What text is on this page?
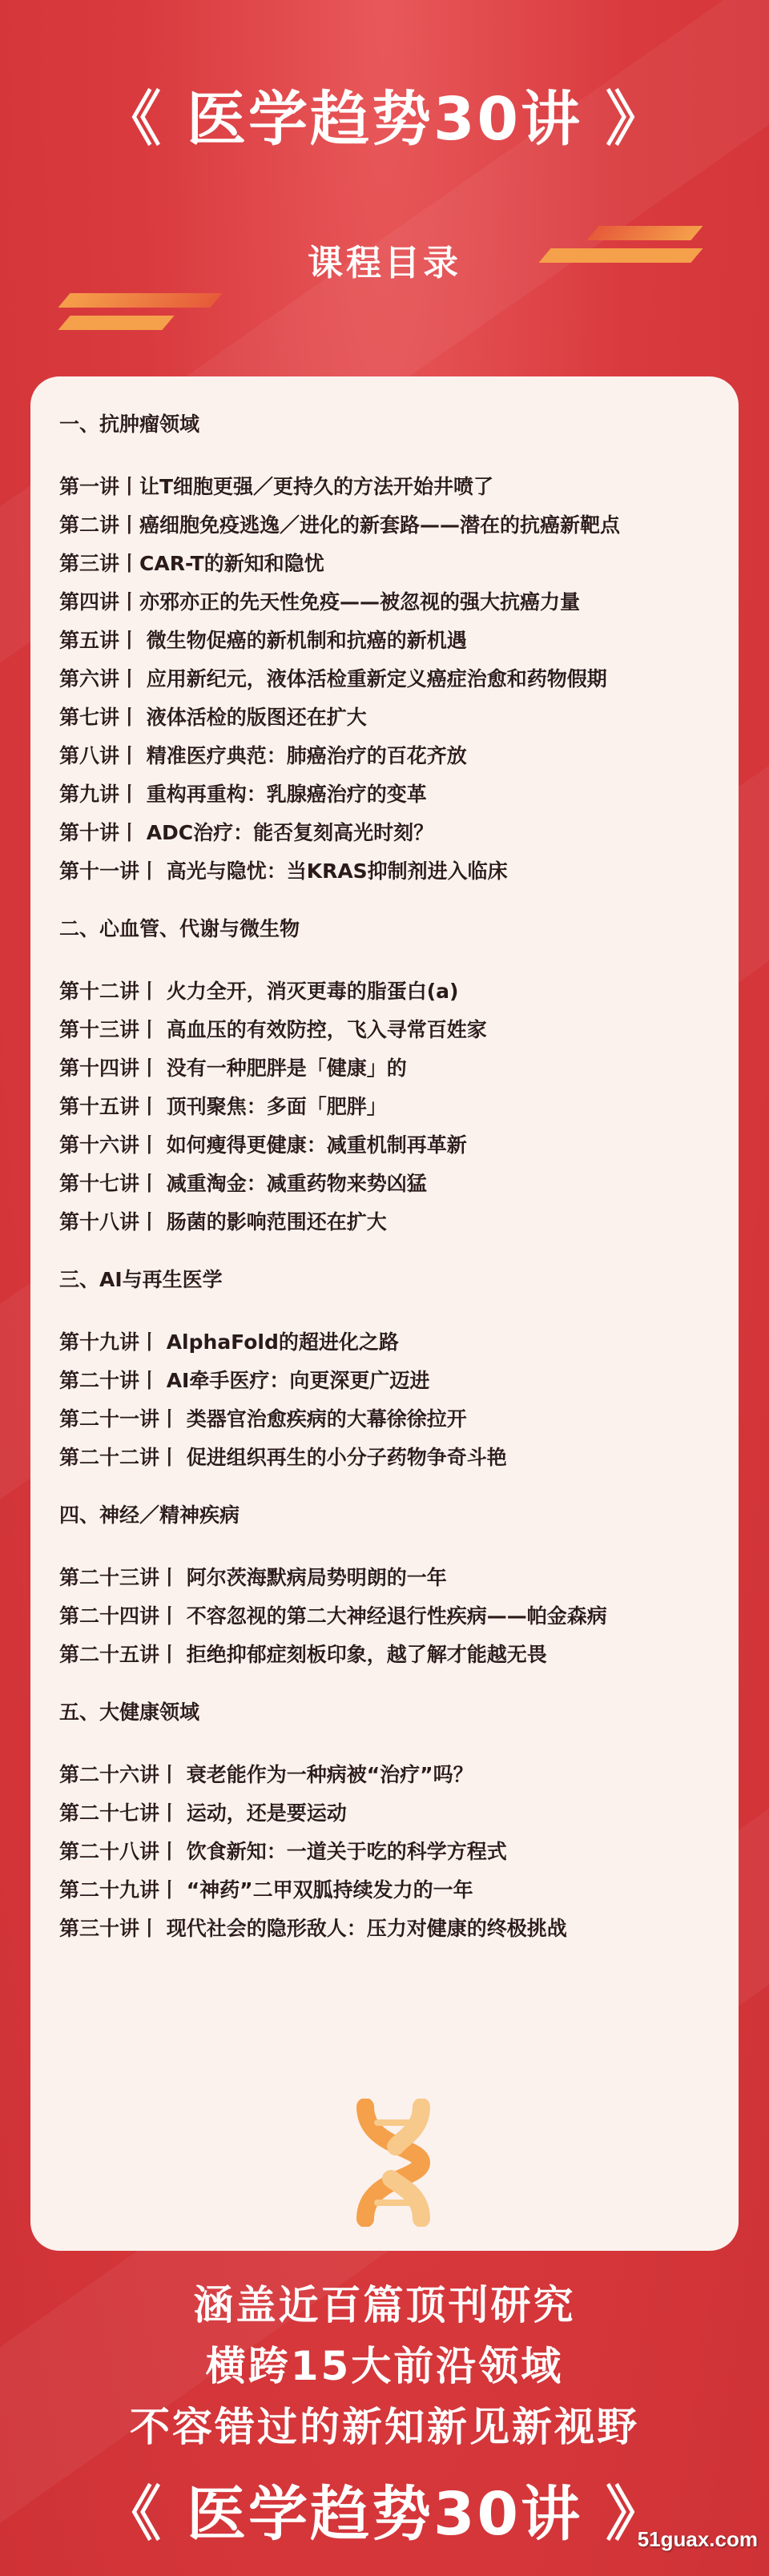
《 医学趋势30讲 》
课程目录
一、抗肿瘤领域
第一讲丨让T细胞更强／更持久的方法开始井喷了
第二讲丨癌细胞免疫逃逸／进化的新套路——潜在的抗癌新靶点
第三讲丨CAR-T的新知和隐忧
第四讲丨亦邪亦正的先天性免疫——被忽视的强大抗癌力量
第五讲丨 微生物促癌的新机制和抗癌的新机遇
第六讲丨 应用新纪元，液体活检重新定义癌症治愈和药物假期
第七讲丨 液体活检的版图还在扩大
第八讲丨 精准医疗典范：肺癌治疗的百花齐放
第九讲丨 重构再重构：乳腺癌治疗的变革
第十讲丨 ADC治疗：能否复刻高光时刻？
第十一讲丨 高光与隐忧：当KRAS抑制剂进入临床
二、心血管、代谢与微生物
第十二讲丨 火力全开，消灭更毒的脂蛋白(a)
第十三讲丨 高血压的有效防控，飞入寻常百姓家
第十四讲丨 没有一种肥胖是「健康」的
第十五讲丨 顶刊聚焦：多面「肥胖」
第十六讲丨 如何瘦得更健康：减重机制再革新
第十七讲丨 减重淘金：减重药物来势凶猛
第十八讲丨 肠菌的影响范围还在扩大
三、AI与再生医学
第十九讲丨 AlphaFold的超进化之路
第二十讲丨 AI牵手医疗：向更深更广迈进
第二十一讲丨 类器官治愈疾病的大幕徐徐拉开
第二十二讲丨 促进组织再生的小分子药物争奇斗艳
四、神经／精神疾病
第二十三讲丨 阿尔茨海默病局势明朗的一年
第二十四讲丨 不容忽视的第二大神经退行性疾病——帕金森病
第二十五讲丨 拒绝抑郁症刻板印象，越了解才能越无畏
五、大健康领域
第二十六讲丨 衰老能作为一种病被“治疗”吗？
第二十七讲丨 运动，还是要运动
第二十八讲丨 饮食新知：一道关于吃的科学方程式
第二十九讲丨 “神药”二甲双胍持续发力的一年
第三十讲丨 现代社会的隐形敌人：压力对健康的终极挑战
涵盖近百篇顶刊研究
横跨15大前沿领域
不容错过的新知新见新视野
《 医学趋势30讲 》
51guax.com
